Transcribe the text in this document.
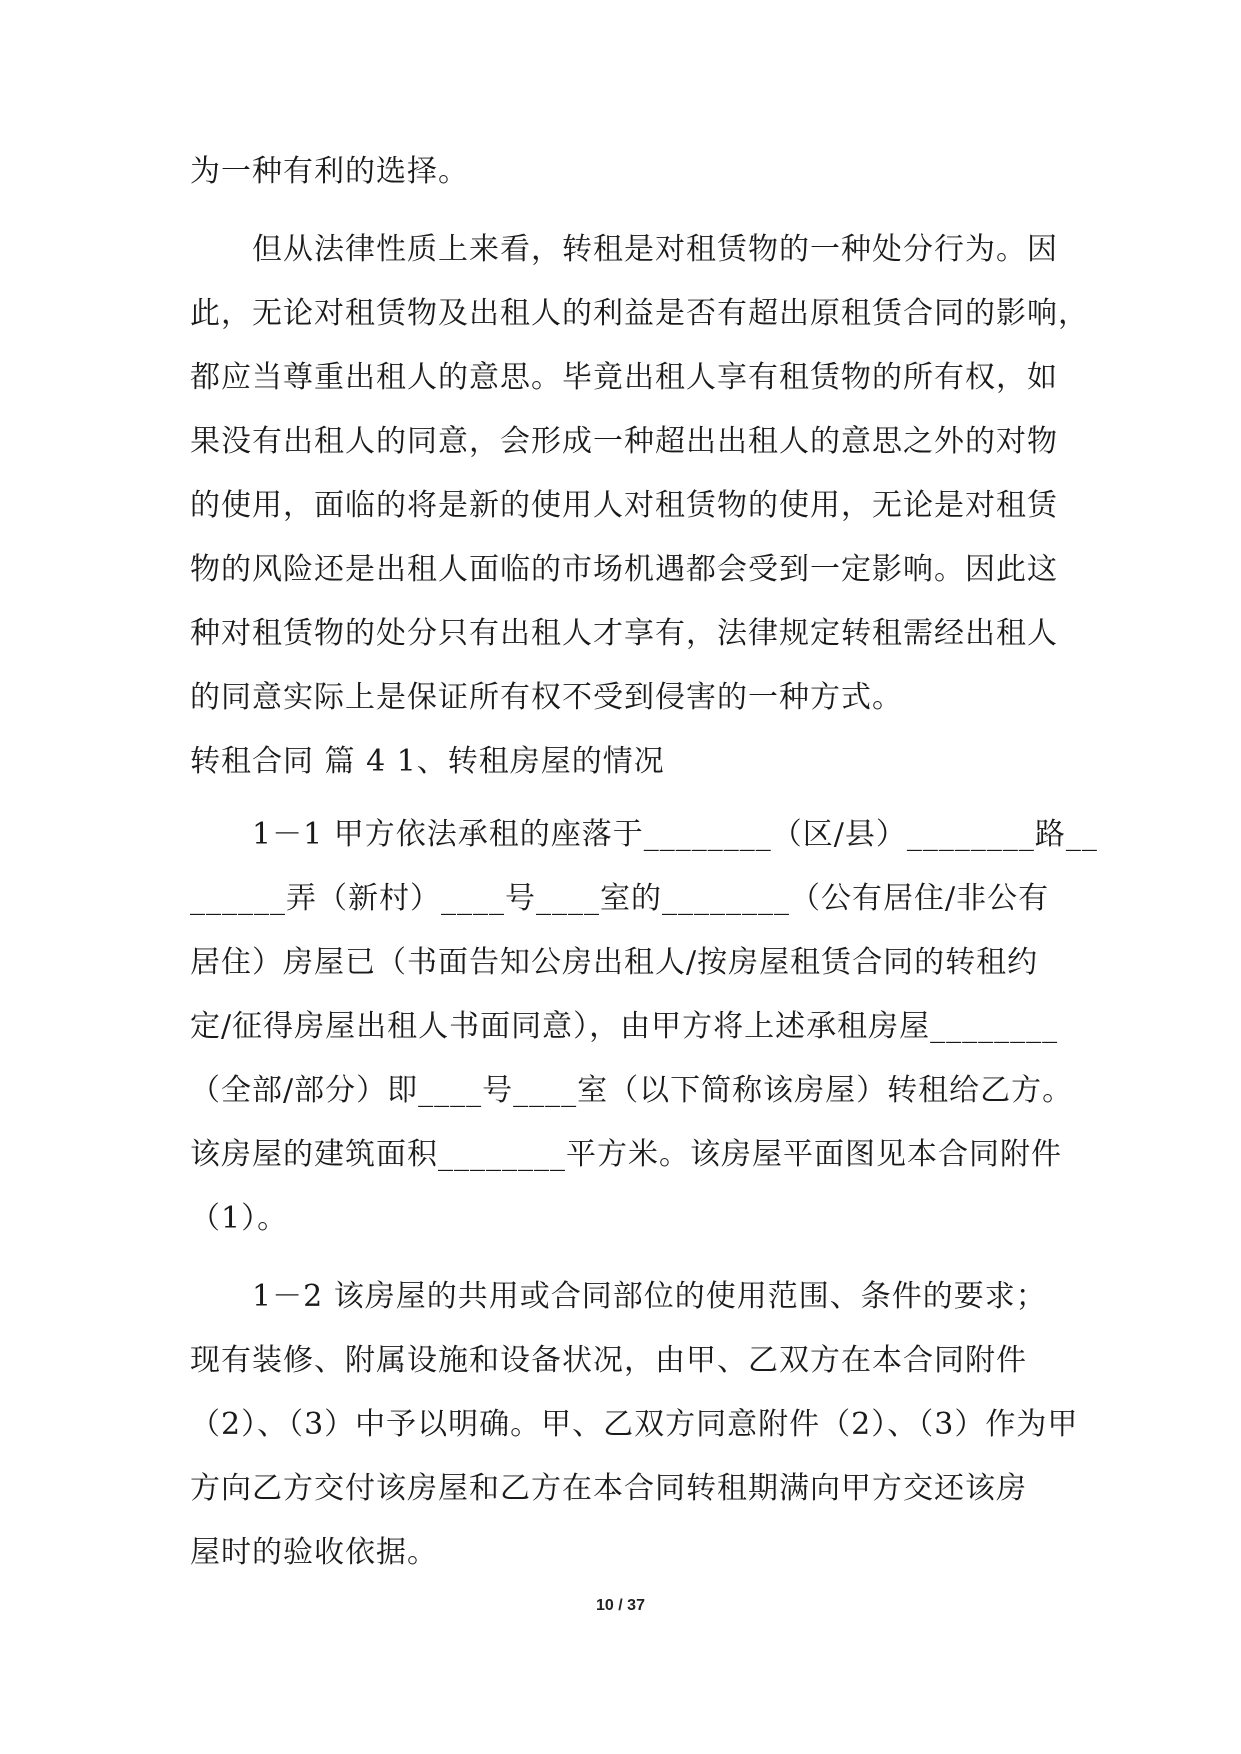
为一种有利的选择。
但从法律性质上来看，转租是对租赁物的一种处分行为。因
此，无论对租赁物及出租人的利益是否有超出原租赁合同的影响，
都应当尊重出租人的意思。毕竟出租人享有租赁物的所有权，如
果没有出租人的同意，会形成一种超出出租人的意思之外的对物
的使用，面临的将是新的使用人对租赁物的使用，无论是对租赁
物的风险还是出租人面临的市场机遇都会受到一定影响。因此这
种对租赁物的处分只有出租人才享有，法律规定转租需经出租人
的同意实际上是保证所有权不受到侵害的一种方式。
转租合同 篇 4 1、转租房屋的情况
1－1 甲方依法承租的座落于________（区/县）________路__
______弄（新村）____号____室的________（公有居住/非公有
居住）房屋已（书面告知公房出租人/按房屋租赁合同的转租约
定/征得房屋出租人书面同意），由甲方将上述承租房屋________
（全部/部分）即____号____室（以下简称该房屋）转租给乙方。
该房屋的建筑面积________平方米。该房屋平面图见本合同附件
（1）。
1－2 该房屋的共用或合同部位的使用范围、条件的要求；
现有装修、附属设施和设备状况，由甲、乙双方在本合同附件
（2）、（3）中予以明确。甲、乙双方同意附件（2）、（3）作为甲
方向乙方交付该房屋和乙方在本合同转租期满向甲方交还该房
屋时的验收依据。
10 / 37
